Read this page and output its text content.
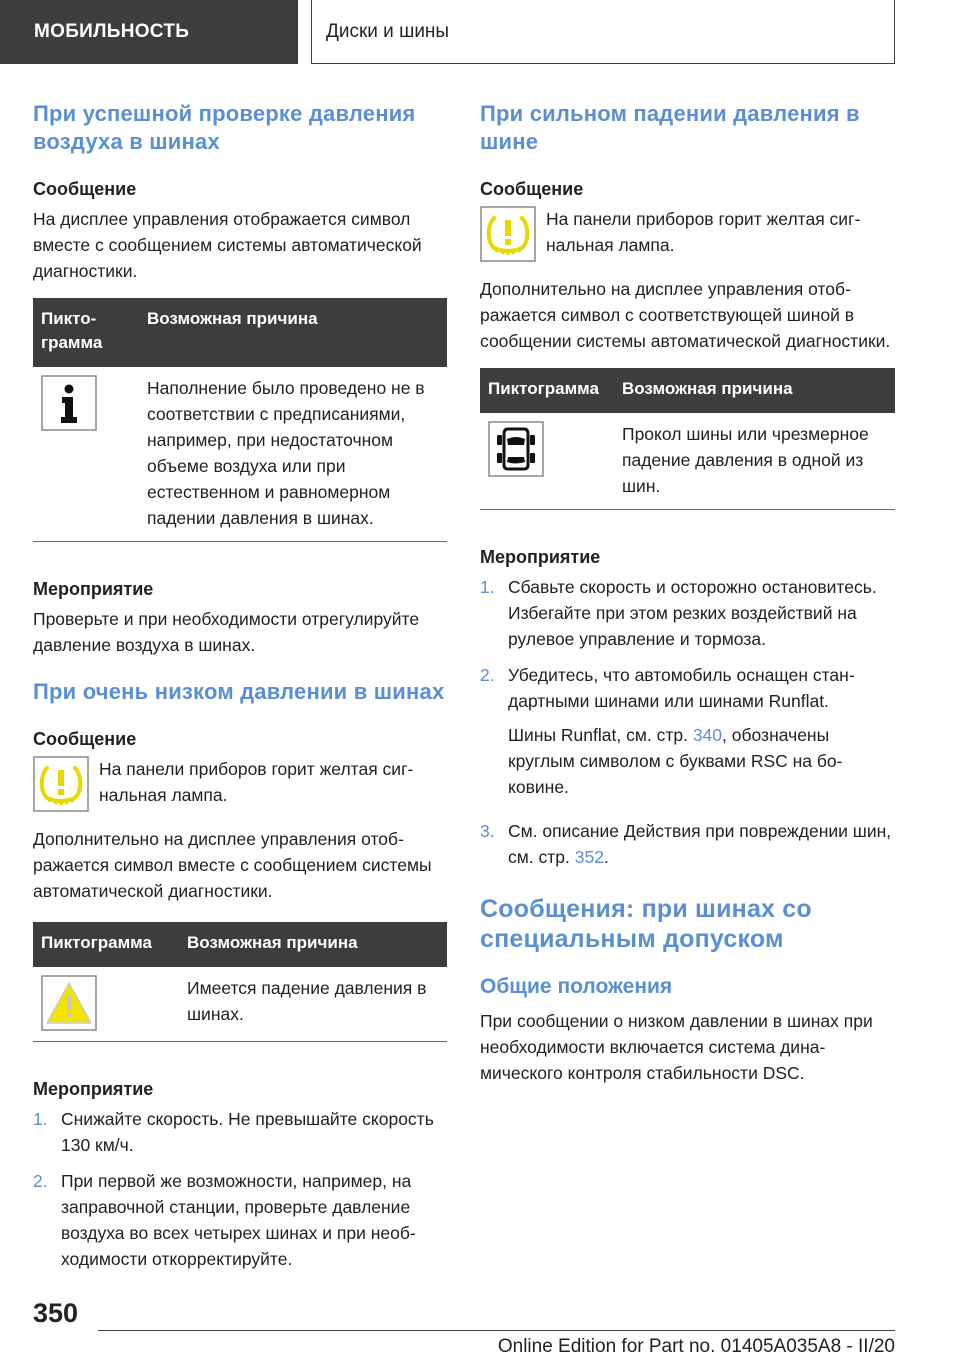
МОБИЛЬНОСТЬ	Диски и шины
При успешной проверке давления воздуха в шинах
Сообщение

На дисплее управления отображается символ вместе с сообщением системы автоматической диагностики.

Пиктограмма	Возможная причина

	Наполнение было проведено не в соответствии с предписаниями, например, при недостаточном объеме воздуха или при естественном и равномерном падении давления в шинах.
Мероприятие

Проверьте и при необходимости отрегулируйте давление воздуха в шинах.

При очень низком давлении в шинах
Сообщение

На панели приборов горит желтая сигнальная лампа.

Дополнительно на дисплее управления отображается символ вместе с сообщением системы автоматической диагностики.

Пиктограмма	Возможная причина

	Имеется падение давления в шинах.
Мероприятие
1. Снижайте скорость. Не превышайте скорость 130 км/ч.
2. При первой же возможности, например, на заправочной станции, проверьте давление воздуха во всех четырех шинах и при необходимости откорректируйте.
При сильном падении давления в шине
Сообщение

На панели приборов горит желтая сигнальная лампа.

Дополнительно на дисплее управления отображается символ с соответствующей шиной в сообщении системы автоматической диагностики.

Пиктограмма	Возможная причина

	Прокол шины или чрезмерное падение давления в одной из шин.
Мероприятие
1. Сбавьте скорость и осторожно остановитесь. Избегайте при этом резких воздействий на рулевое управление и тормоза.
2. Убедитесь, что автомобиль оснащен стандартными шинами или шинами Runflat.

Шины Runflat, см. стр. 340, обозначены круглым символом с буквами RSC на боковине.

3. См. описание Действия при повреждении шин, см. стр. 352.
Сообщения: при шинах со специальным допуском
Общие положения

При сообщении о низком давлении в шинах при необходимости включается система динамического контроля стабильности DSC.

350
Online Edition for Part no. 01405A035A8 - II/20
